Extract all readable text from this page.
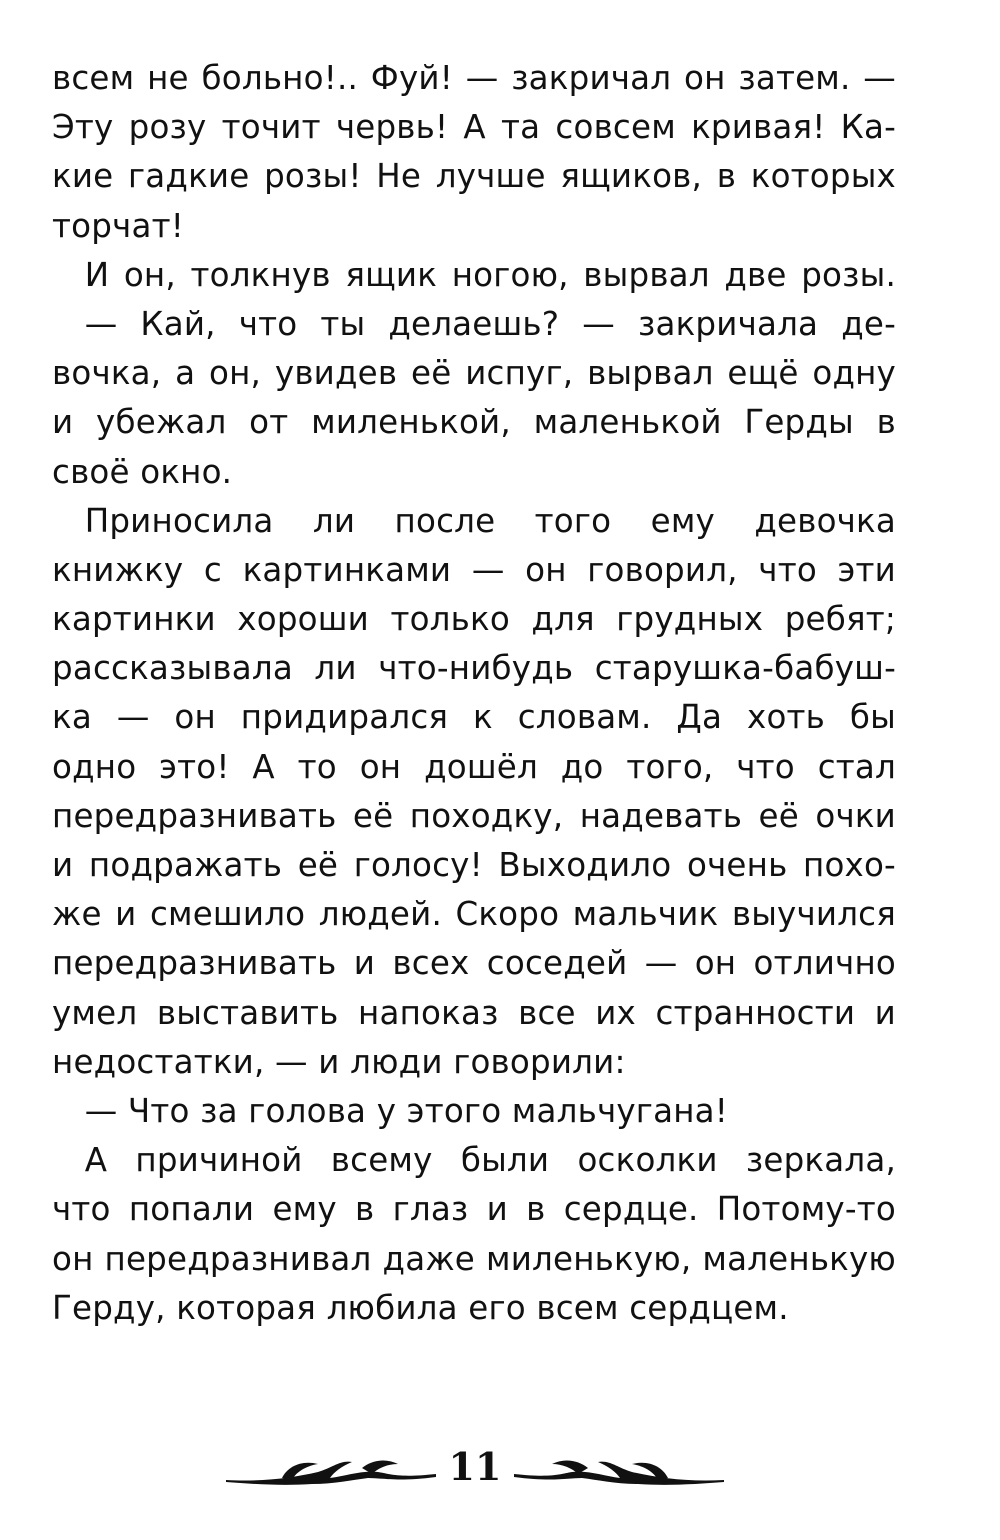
всем не больно!.. Фуй! — закричал он затем. —
Эту розу точит червь! А та совсем кривая! Ка-
кие гадкие розы! Не лучше ящиков, в которых
торчат!
 И он, толкнув ящик ногою, вырвал две розы.
 — Кай, что ты делаешь? — закричала де-
вочка, а он, увидев её испуг, вырвал ещё одну
и убежал от миленькой, маленькой Герды в
своё окно.
 Приносила ли после того ему девочка
книжку с картинками — он говорил, что эти
картинки хороши только для грудных ребят;
рассказывала ли что-нибудь старушка-бабуш-
ка — он придирался к словам. Да хоть бы
одно это! А то он дошёл до того, что стал
передразнивать её походку, надевать её очки
и подражать её голосу! Выходило очень похо-
же и смешило людей. Скоро мальчик выучился
передразнивать и всех соседей — он отлично
умел выставить напоказ все их странности и
недостатки, — и люди говорили:
 — Что за голова у этого мальчугана!
 А причиной всему были осколки зеркала,
что попали ему в глаз и в сердце. Потому-то
он передразнивал даже миленькую, маленькую
Герду, которая любила его всем сердцем.
11
